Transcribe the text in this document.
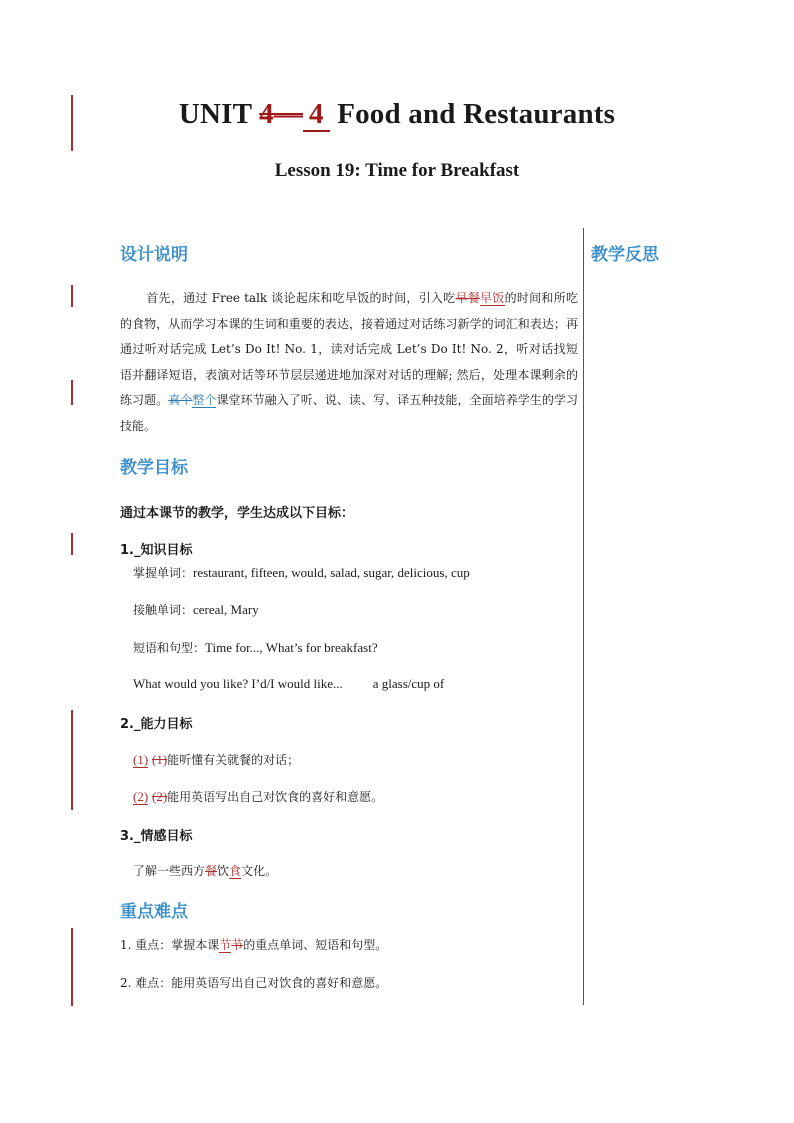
UNIT 4— 4 Food and Restaurants
Lesson 19: Time for Breakfast
教学反思
设计说明
首先，通过 Free talk 谈论起床和吃早饭的时间，引入吃早餐早饭的时间和所吃的食物，从而学习本课的生词和重要的表达，接着通过对话练习新学的词汇和表达；再通过听对话完成 Let’s Do It! No. 1，读对话完成 Let’s Do It! No. 2，听对话找短语并翻译短语，表演对话等环节层层递进地加深对对话的理解; 然后，处理本课剩余的练习题。真个整个课堂环节融入了听、说、读、写、译五种技能，全面培养学生的学习技能。
教学目标
通过本课节的教学，学生达成以下目标：
1._知识目标
掌握单词：restaurant, fifteen, would, salad, sugar, delicious, cup
接触单词：cereal, Mary
短语和句型：Time for..., What’s for breakfast?
What would you like? I’d/I would like... a glass/cup of
2._能力目标
(1) (1)能听懂有关就餐的对话；
(2) (2)能用英语写出自己对饮食的喜好和意愿。
3._情感目标
了解一些西方餐饮食文化。
重点难点
1. 重点：掌握本课节节的重点单词、短语和句型。
2. 难点：能用英语写出自己对饮食的喜好和意愿。
